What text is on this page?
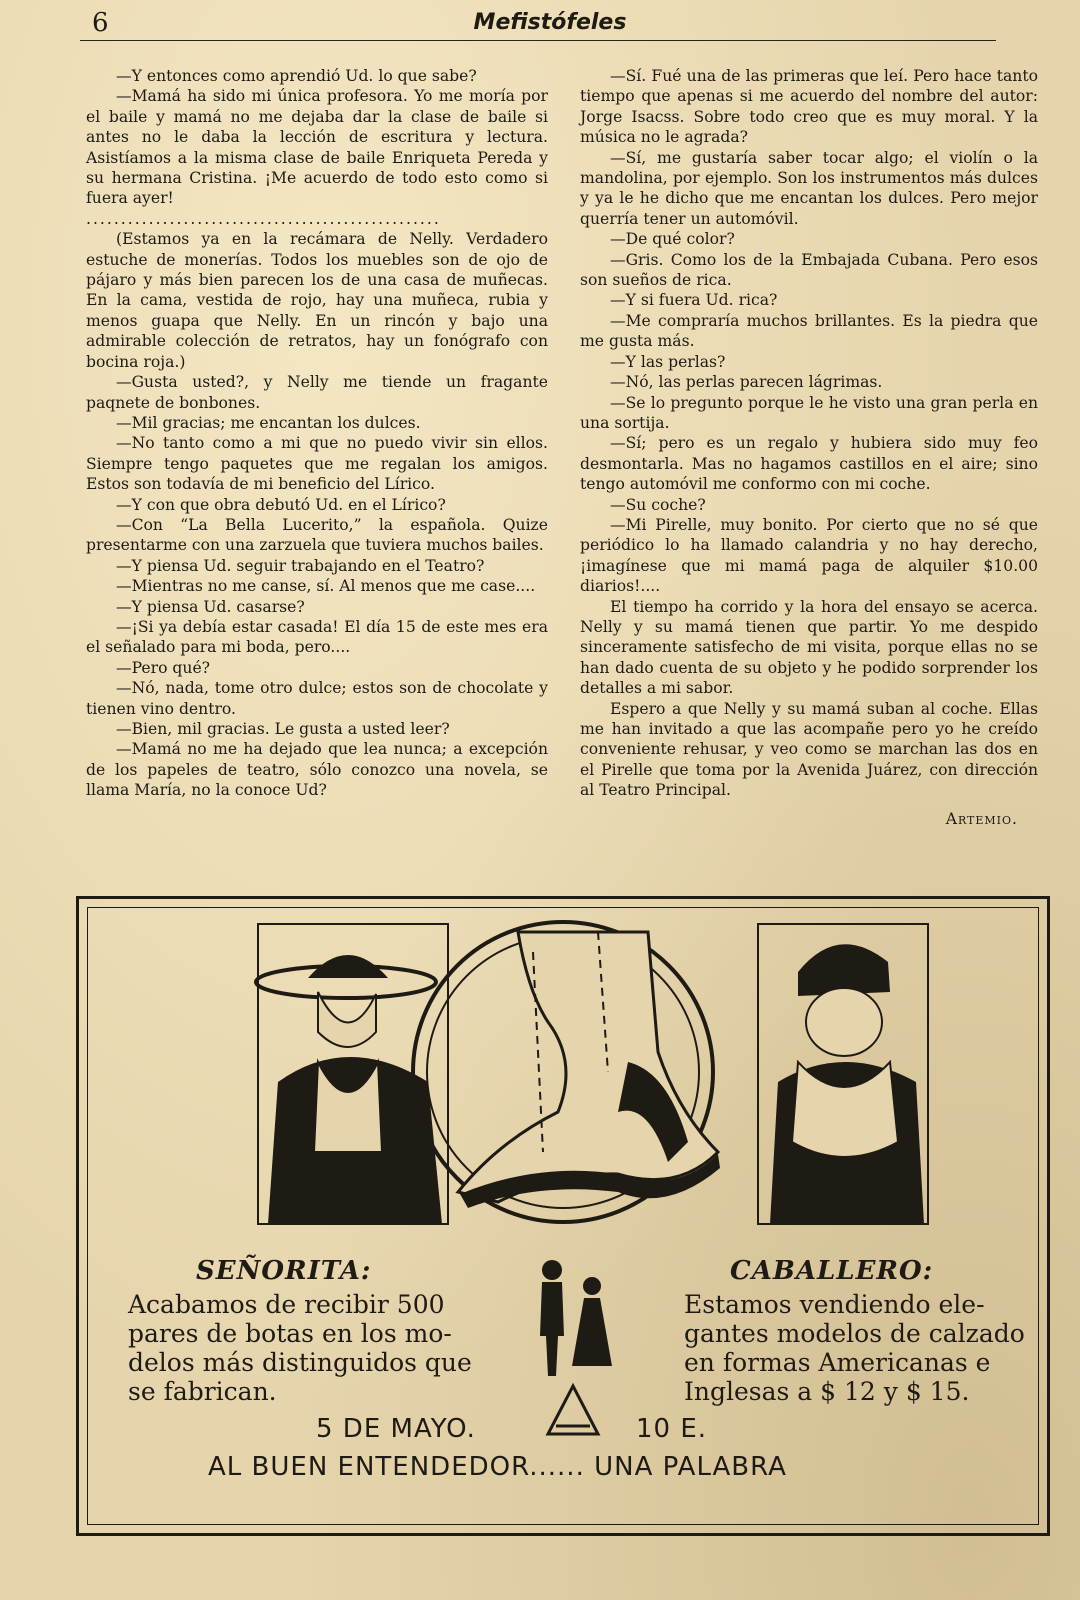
6	Mefistófeles

—Y entonces como aprendió Ud. lo que sabe?

—Mamá ha sido mi única profesora. Yo me moría por el baile y mamá no me dejaba dar la clase de baile si antes no le daba la lección de escritura y lectura. Asistíamos a la misma clase de baile Enriqueta Pereda y su hermana Cristina. ¡Me acuerdo de todo esto como si fuera ayer!

...................................................

(Estamos ya en la recámara de Nelly. Verdadero estuche de monerías. Todos los muebles son de ojo de pájaro y más bien parecen los de una casa de muñecas. En la cama, vestida de rojo, hay una muñeca, rubia y menos guapa que Nelly. En un rincón y bajo una admirable colección de retratos, hay un fonógrafo con bocina roja.)

—Gusta usted?, y Nelly me tiende un fragante paqnete de bonbones.

—Mil gracias; me encantan los dulces.

—No tanto como a mi que no puedo vivir sin ellos. Siempre tengo paquetes que me regalan los amigos. Estos son todavía de mi beneficio del Lírico.

—Y con que obra debutó Ud. en el Lírico?

—Con “La Bella Lucerito,” la española. Quize presentarme con una zarzuela que tuviera muchos bailes.

—Y piensa Ud. seguir trabajando en el Teatro?

—Mientras no me canse, sí. Al menos que me case....

—Y piensa Ud. casarse?

—¡Si ya debía estar casada! El día 15 de este mes era el señalado para mi boda, pero....

—Pero qué?

—Nó, nada, tome otro dulce; estos son de chocolate y tienen vino dentro.

—Bien, mil gracias. Le gusta a usted leer?

—Mamá no me ha dejado que lea nunca; a excepción de los papeles de teatro, sólo conozco una novela, se llama María, no la conoce Ud?

—Sí. Fué una de las primeras que leí. Pero hace tanto tiempo que apenas si me acuerdo del nombre del autor: Jorge Isacss. Sobre todo creo que es muy moral. Y la música no le agrada?

—Sí, me gustaría saber tocar algo; el violín o la mandolina, por ejemplo. Son los instrumentos más dulces y ya le he dicho que me encantan los dulces. Pero mejor querría tener un automóvil.

—De qué color?

—Gris. Como los de la Embajada Cubana. Pero esos son sueños de rica.

—Y si fuera Ud. rica?

—Me compraría muchos brillantes. Es la piedra que me gusta más.

—Y las perlas?

—Nó, las perlas parecen lágrimas.

—Se lo pregunto porque le he visto una gran perla en una sortija.

—Sí; pero es un regalo y hubiera sido muy feo desmontarla. Mas no hagamos castillos en el aire; sino tengo automóvil me conformo con mi coche.

—Su coche?

—Mi Pirelle, muy bonito. Por cierto que no sé que periódico lo ha llamado calandria y no hay derecho, ¡imagínese que mi mamá paga de alquiler $10.00 diarios!....

El tiempo ha corrido y la hora del ensayo se acerca. Nelly y su mamá tienen que partir. Yo me despido sinceramente satisfecho de mi visita, porque ellas no se han dado cuenta de su objeto y he podido sorprender los detalles a mi sabor.

Espero a que Nelly y su mamá suban al coche. Ellas me han invitado a que las acompañe pero yo he creído conveniente rehusar, y veo como se marchan las dos en el Pirelle que toma por la Avenida Juárez, con dirección al Teatro Principal.

Artemio.

SEÑORITA:
Acabamos de recibir 500
pares de botas en los mo-
delos más distinguidos que
se fabrican.
CABALLERO:
Estamos vendiendo ele-
gantes modelos de calzado
en formas Americanas e
Inglesas a $ 12 y $ 15.
5 DE MAYO.	10 E.
AL BUEN ENTENDEDOR...... UNA PALABRA
